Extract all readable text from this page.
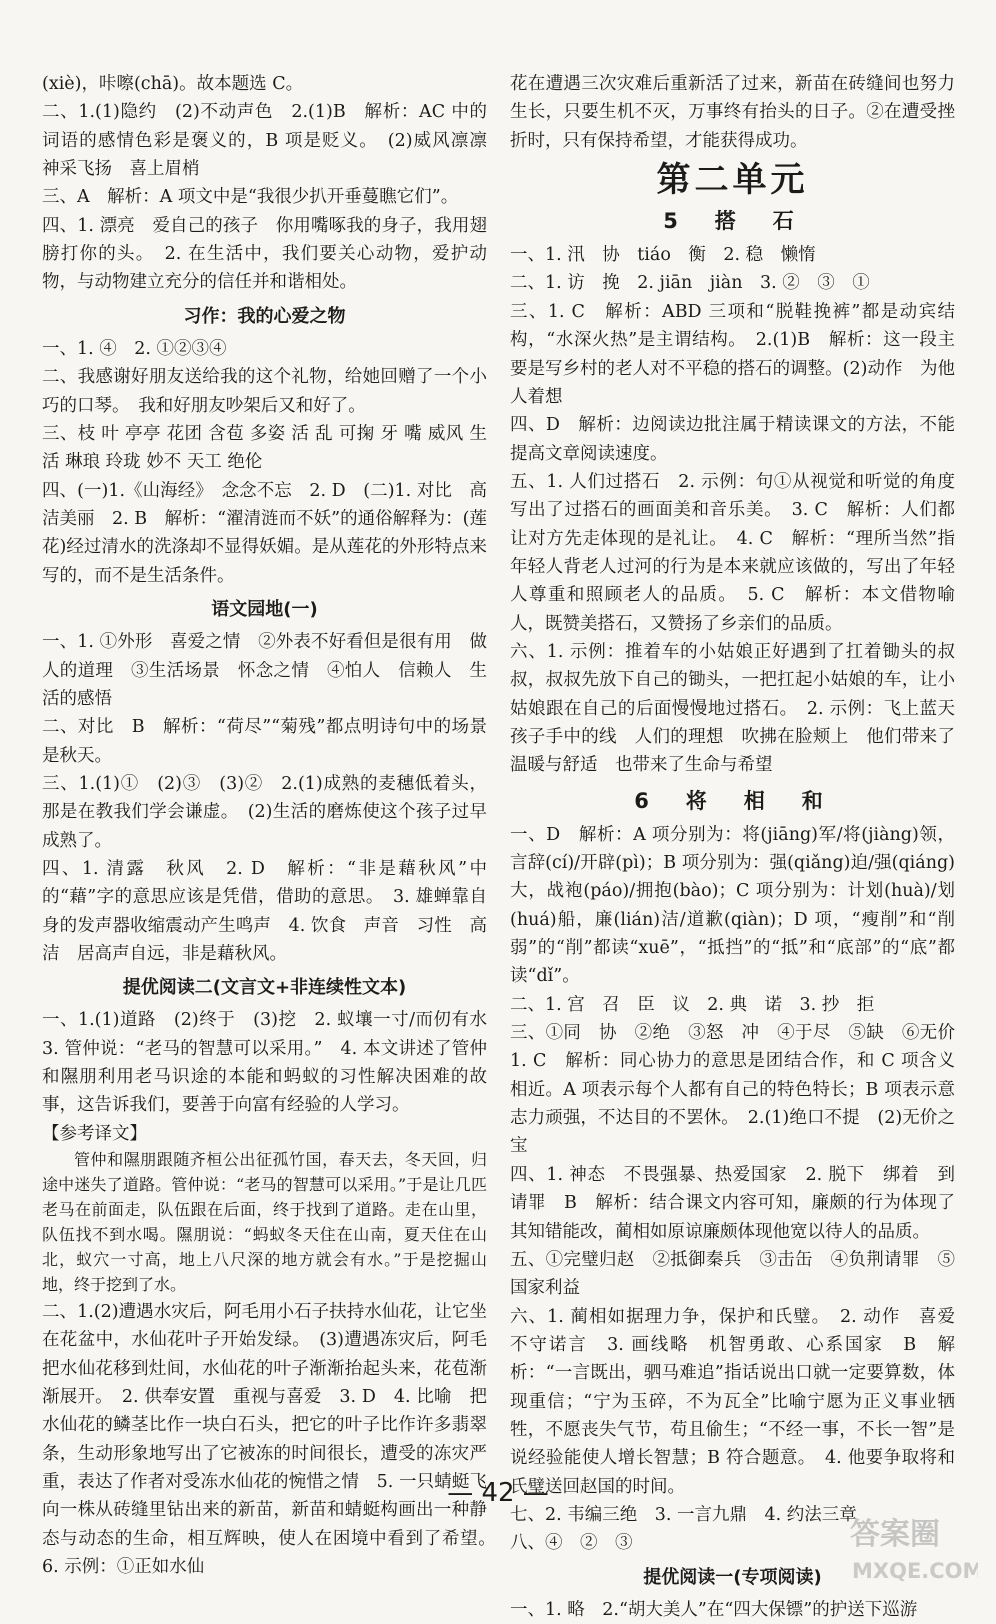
(xiè)，咔嚓(chā)。故本题选 C。

二、1.(1)隐约　(2)不动声色　2.(1)B　解析：AC 中的词语的感情色彩是褒义的，B 项是贬义。　(2)威风凛凛　神采飞扬　喜上眉梢

三、A　解析：A 项文中是“我很少扒开垂蔓瞧它们”。

四、1. 漂亮　爱自己的孩子　你用嘴啄我的身子，我用翅膀打你的头。　2. 在生活中，我们要关心动物，爱护动物，与动物建立充分的信任并和谐相处。

习作：我的心爱之物

一、1. ④　2. ①②③④

二、我感谢好朋友送给我的这个礼物，给她回赠了一个小巧的口琴。　我和好朋友吵架后又和好了。

三、枝 叶 亭亭 花团 含苞 多姿 活 乱 可掬 牙 嘴 威风 生 活 琳琅 玲珑 妙不 天工 绝伦

四、(一)1.《山海经》　念念不忘　2. D　(二)1. 对比　高洁美丽　2. B　解析：“濯清涟而不妖”的通俗解释为：(莲花)经过清水的洗涤却不显得妖媚。是从莲花的外形特点来写的，而不是生活条件。

语文园地(一)

一、1. ①外形　喜爱之情　②外表不好看但是很有用　做人的道理　③生活场景　怀念之情　④怕人　信赖人　生活的感悟

二、对比　B　解析：“荷尽”“菊残”都点明诗句中的场景是秋天。

三、1.(1)①　(2)③　(3)②　2.(1)成熟的麦穗低着头，那是在教我们学会谦虚。　(2)生活的磨炼使这个孩子过早成熟了。

四、1. 清露　秋风　2. D　解析：“非是藉秋风”中的“藉”字的意思应该是凭借，借助的意思。　3. 雄蝉靠自身的发声器收缩震动产生鸣声　4. 饮食　声音　习性　高洁　居高声自远，非是藉秋风。

提优阅读二(文言文+非连续性文本)

一、1.(1)道路　(2)终于　(3)挖　2. 蚁壤一寸/而仞有水　3. 管仲说：“老马的智慧可以采用。”　4. 本文讲述了管仲和隰朋利用老马识途的本能和蚂蚁的习性解决困难的故事，这告诉我们，要善于向富有经验的人学习。

【参考译文】

管仲和隰朋跟随齐桓公出征孤竹国，春天去，冬天回，归途中迷失了道路。管仲说：“老马的智慧可以采用。”于是让几匹老马在前面走，队伍跟在后面，终于找到了道路。走在山里，队伍找不到水喝。隰朋说：“蚂蚁冬天住在山南，夏天住在山北，蚁穴一寸高，地上八尺深的地方就会有水。”于是挖掘山地，终于挖到了水。

二、1.(2)遭遇水灾后，阿毛用小石子扶持水仙花，让它坐在花盆中，水仙花叶子开始发绿。　(3)遭遇冻灾后，阿毛把水仙花移到灶间，水仙花的叶子渐渐抬起头来，花苞渐渐展开。　2. 供奉安置　重视与喜爱　3. D　4. 比喻　把水仙花的鳞茎比作一块白石头，把它的叶子比作许多翡翠条，生动形象地写出了它被冻的时间很长，遭受的冻灾严重，表达了作者对受冻水仙花的惋惜之情　5. 一只蜻蜓飞向一株从砖缝里钻出来的新苗，新苗和蜻蜓构画出一种静态与动态的生命，相互辉映，使人在困境中看到了希望。　6. 示例：①正如水仙

花在遭遇三次灾难后重新活了过来，新苗在砖缝间也努力生长，只要生机不灭，万事终有抬头的日子。②在遭受挫折时，只有保持希望，才能获得成功。

第二单元

5　搭　石

一、1. 汛　协　tiáo　衡　2. 稳　懒惰

二、1. 访　挽　2. jiān　jiàn　3. ②　③　①

三、1. C　解析：ABD 三项和“脱鞋挽裤”都是动宾结构，“水深火热”是主谓结构。　2.(1)B　解析：这一段主要是写乡村的老人对不平稳的搭石的调整。(2)动作　为他人着想

四、D　解析：边阅读边批注属于精读课文的方法，不能提高文章阅读速度。

五、1. 人们过搭石　2. 示例：句①从视觉和听觉的角度写出了过搭石的画面美和音乐美。　3. C　解析：人们都让对方先走体现的是礼让。　4. C　解析：“理所当然”指年轻人背老人过河的行为是本来就应该做的，写出了年轻人尊重和照顾老人的品质。　5. C　解析：本文借物喻人，既赞美搭石，又赞扬了乡亲们的品质。

六、1. 示例：推着车的小姑娘正好遇到了扛着锄头的叔叔，叔叔先放下自己的锄头，一把扛起小姑娘的车，让小姑娘跟在自己的后面慢慢地过搭石。　2. 示例：飞上蓝天　孩子手中的线　人们的理想　吹拂在脸颊上　他们带来了温暖与舒适　也带来了生命与希望

6　将　相　和

一、D　解析：A 项分别为：将(jiāng)军/将(jiàng)领，言辞(cí)/开辟(pì)；B 项分别为：强(qiǎng)迫/强(qiáng)大，战袍(páo)/拥抱(bào)；C 项分别为：计划(huà)/划(huá)船，廉(lián)洁/道歉(qiàn)；D 项，“瘦削”和“削弱”的“削”都读“xuē”，“抵挡”的“抵”和“底部”的“底”都读“dǐ”。

二、1. 宫　召　臣　议　2. 典　诺　3. 抄　拒

三、①同　协　②绝　③怒　冲　④于尽　⑤缺　⑥无价　1. C　解析：同心协力的意思是团结合作，和 C 项含义相近。A 项表示每个人都有自己的特色特长；B 项表示意志力顽强，不达目的不罢休。　2.(1)绝口不提　(2)无价之宝

四、1. 神态　不畏强暴、热爱国家　2. 脱下　绑着　到请罪　B　解析：结合课文内容可知，廉颇的行为体现了其知错能改，蔺相如原谅廉颇体现他宽以待人的品质。

五、①完璧归赵　②抵御秦兵　③击缶　④负荆请罪　⑤国家利益

六、1. 蔺相如据理力争，保护和氏璧。　2. 动作　喜爱　不守诺言　3. 画线略　机智勇敢、心系国家　B　解析：“一言既出，驷马难追”指话说出口就一定要算数，体现重信；“宁为玉碎，不为瓦全”比喻宁愿为正义事业牺牲，不愿丧失气节，苟且偷生；“不经一事，不长一智”是说经验能使人增长智慧；B 符合题意。　4. 他要争取将和氏璧送回赵国的时间。

七、2. 韦编三绝　3. 一言九鼎　4. 约法三章

八、④　②　③

提优阅读一(专项阅读)

一、1. 略　2.“胡大美人”在“四大保镖”的护送下巡游

— 42 —
答案圈
MXQE.COM
